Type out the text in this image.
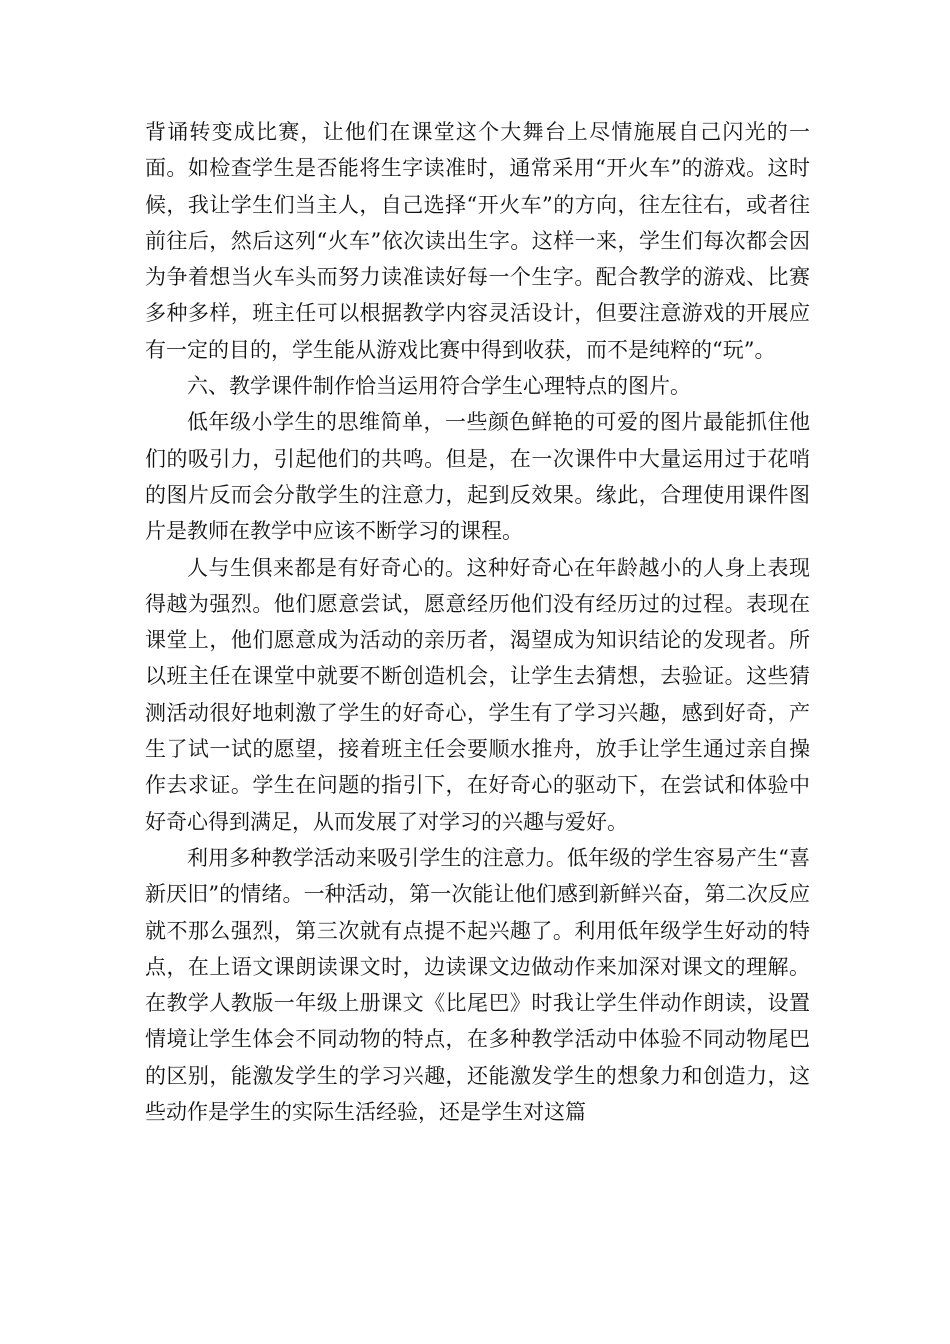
背诵转变成比赛，让他们在课堂这个大舞台上尽情施展自己闪光的一面。如检查学生是否能将生字读准时，通常采用“开火车”的游戏。这时候，我让学生们当主人，自己选择“开火车”的方向，往左往右，或者往前往后，然后这列“火车”依次读出生字。这样一来，学生们每次都会因为争着想当火车头而努力读准读好每一个生字。配合教学的游戏、比赛多种多样，班主任可以根据教学内容灵活设计，但要注意游戏的开展应有一定的目的，学生能从游戏比赛中得到收获，而不是纯粹的“玩”。

六、教学课件制作恰当运用符合学生心理特点的图片。

低年级小学生的思维简单，一些颜色鲜艳的可爱的图片最能抓住他们的吸引力，引起他们的共鸣。但是，在一次课件中大量运用过于花哨的图片反而会分散学生的注意力，起到反效果。缘此，合理使用课件图片是教师在教学中应该不断学习的课程。

人与生俱来都是有好奇心的。这种好奇心在年龄越小的人身上表现得越为强烈。他们愿意尝试，愿意经历他们没有经历过的过程。表现在课堂上，他们愿意成为活动的亲历者，渴望成为知识结论的发现者。所以班主任在课堂中就要不断创造机会，让学生去猜想，去验证。这些猜测活动很好地刺激了学生的好奇心，学生有了学习兴趣，感到好奇，产生了试一试的愿望，接着班主任会要顺水推舟，放手让学生通过亲自操作去求证。学生在问题的指引下，在好奇心的驱动下，在尝试和体验中好奇心得到满足，从而发展了对学习的兴趣与爱好。

利用多种教学活动来吸引学生的注意力。低年级的学生容易产生“喜新厌旧”的情绪。一种活动，第一次能让他们感到新鲜兴奋，第二次反应就不那么强烈，第三次就有点提不起兴趣了。利用低年级学生好动的特点，在上语文课朗读课文时，边读课文边做动作来加深对课文的理解。在教学人教版一年级上册课文《比尾巴》时我让学生伴动作朗读，设置情境让学生体会不同动物的特点，在多种教学活动中体验不同动物尾巴的区别，能激发学生的学习兴趣，还能激发学生的想象力和创造力，这些动作是学生的实际生活经验，还是学生对这篇
